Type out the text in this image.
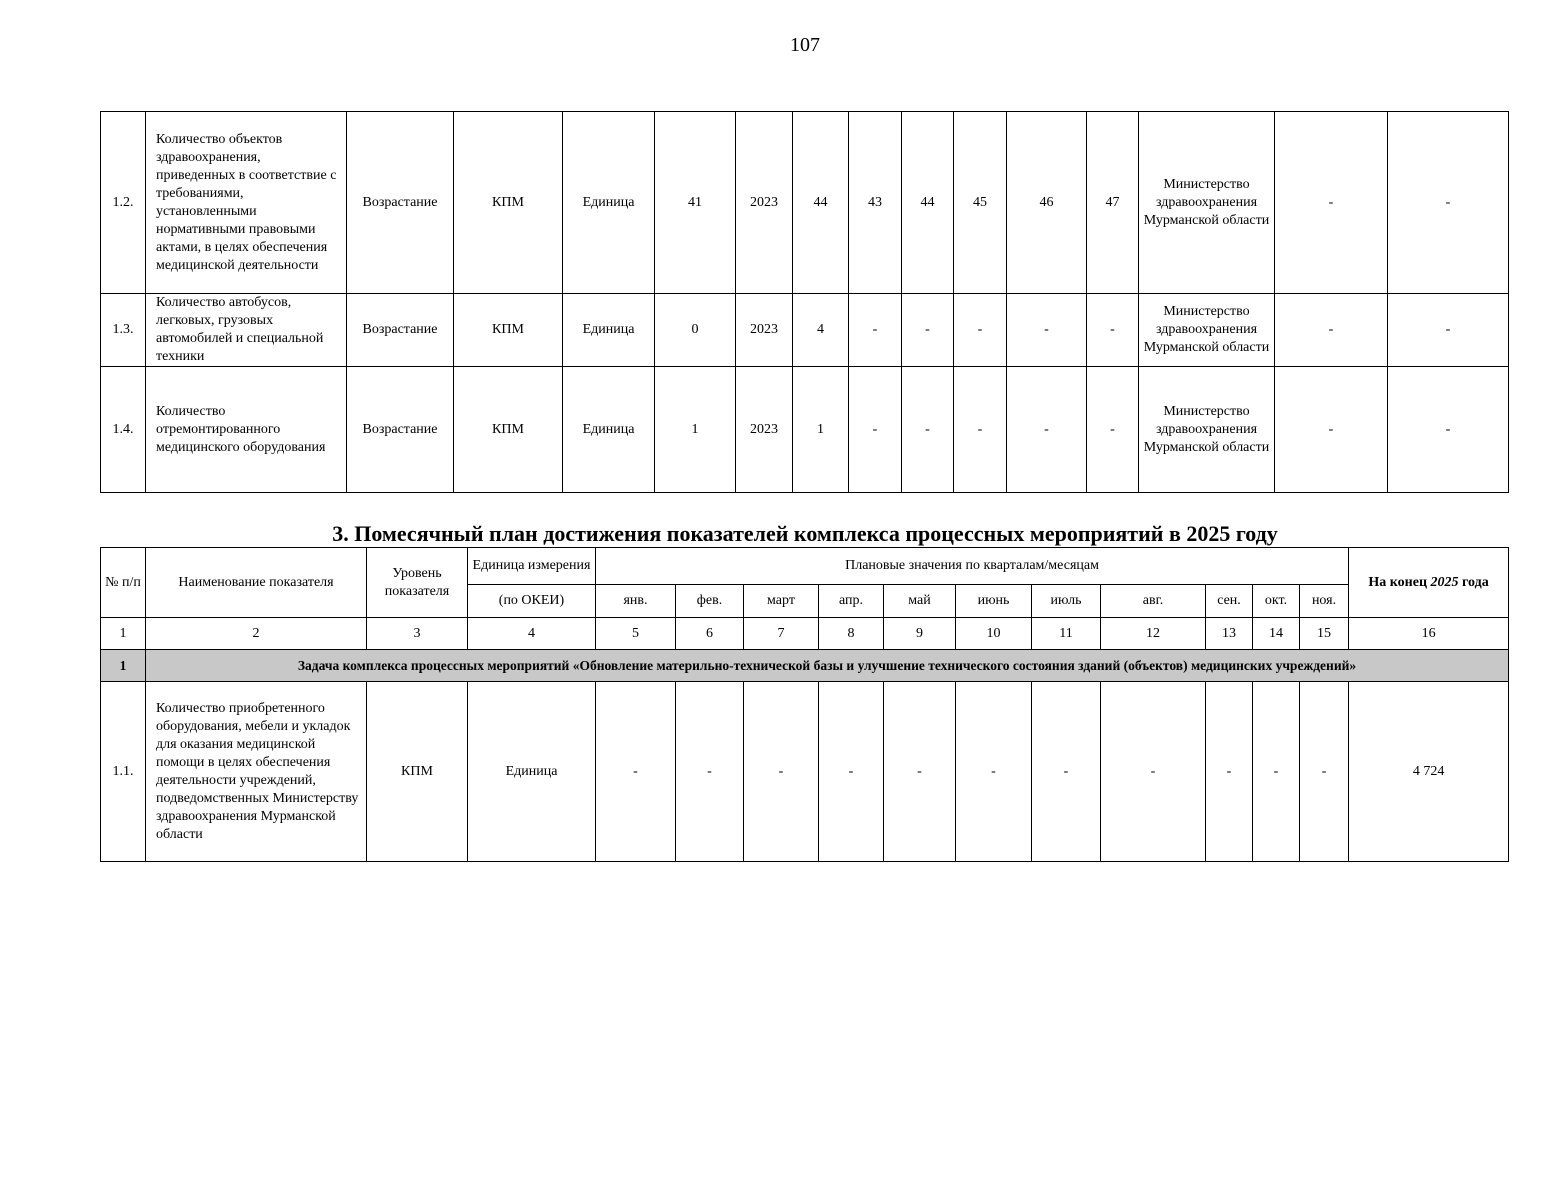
107
1.2.	Количество объектов здравоохранения, приведенных в соответствие с требованиями, установленными нормативными правовыми актами, в целях обеспечения медицинской деятельности	Возрастание	КПМ	Единица	41	2023	44	43	44	45	46	47	Министерство здравоохранения Мурманской области	-	-
1.3.	Количество автобусов, легковых, грузовых автомобилей и специальной техники	Возрастание	КПМ	Единица	0	2023	4	-	-	-	-	-	Министерство здравоохранения Мурманской области	-	-
1.4.	Количество отремонтированного медицинского оборудования	Возрастание	КПМ	Единица	1	2023	1	-	-	-	-	-	Министерство здравоохранения Мурманской области	-	-
3. Помесячный план достижения показателей комплекса процессных мероприятий в 2025 году
№ п/п	Наименование показателя	Уровень показателя	Единица измерения	Плановые значения по кварталам/месяцам											На конец 2025 года
			(по ОКЕИ)	янв.	фев.	март	апр.	май	июнь	июль	авг.	сен.	окт.	ноя.	
1	2	3	4	5	6	7	8	9	10	11	12	13	14	15	16
1	Задача комплекса процессных мероприятий «Обновление материльно-технической базы и улучшение технического состояния зданий (объектов) медицинских учреждений»														
1.1.	Количество приобретенного оборудования, мебели и укладок для оказания медицинской помощи в целях обеспечения деятельности учреждений, подведомственных Министерству здравоохранения Мурманской области	КПМ	Единица	-	-	-	-	-	-	-	-	-	-	-	4 724
